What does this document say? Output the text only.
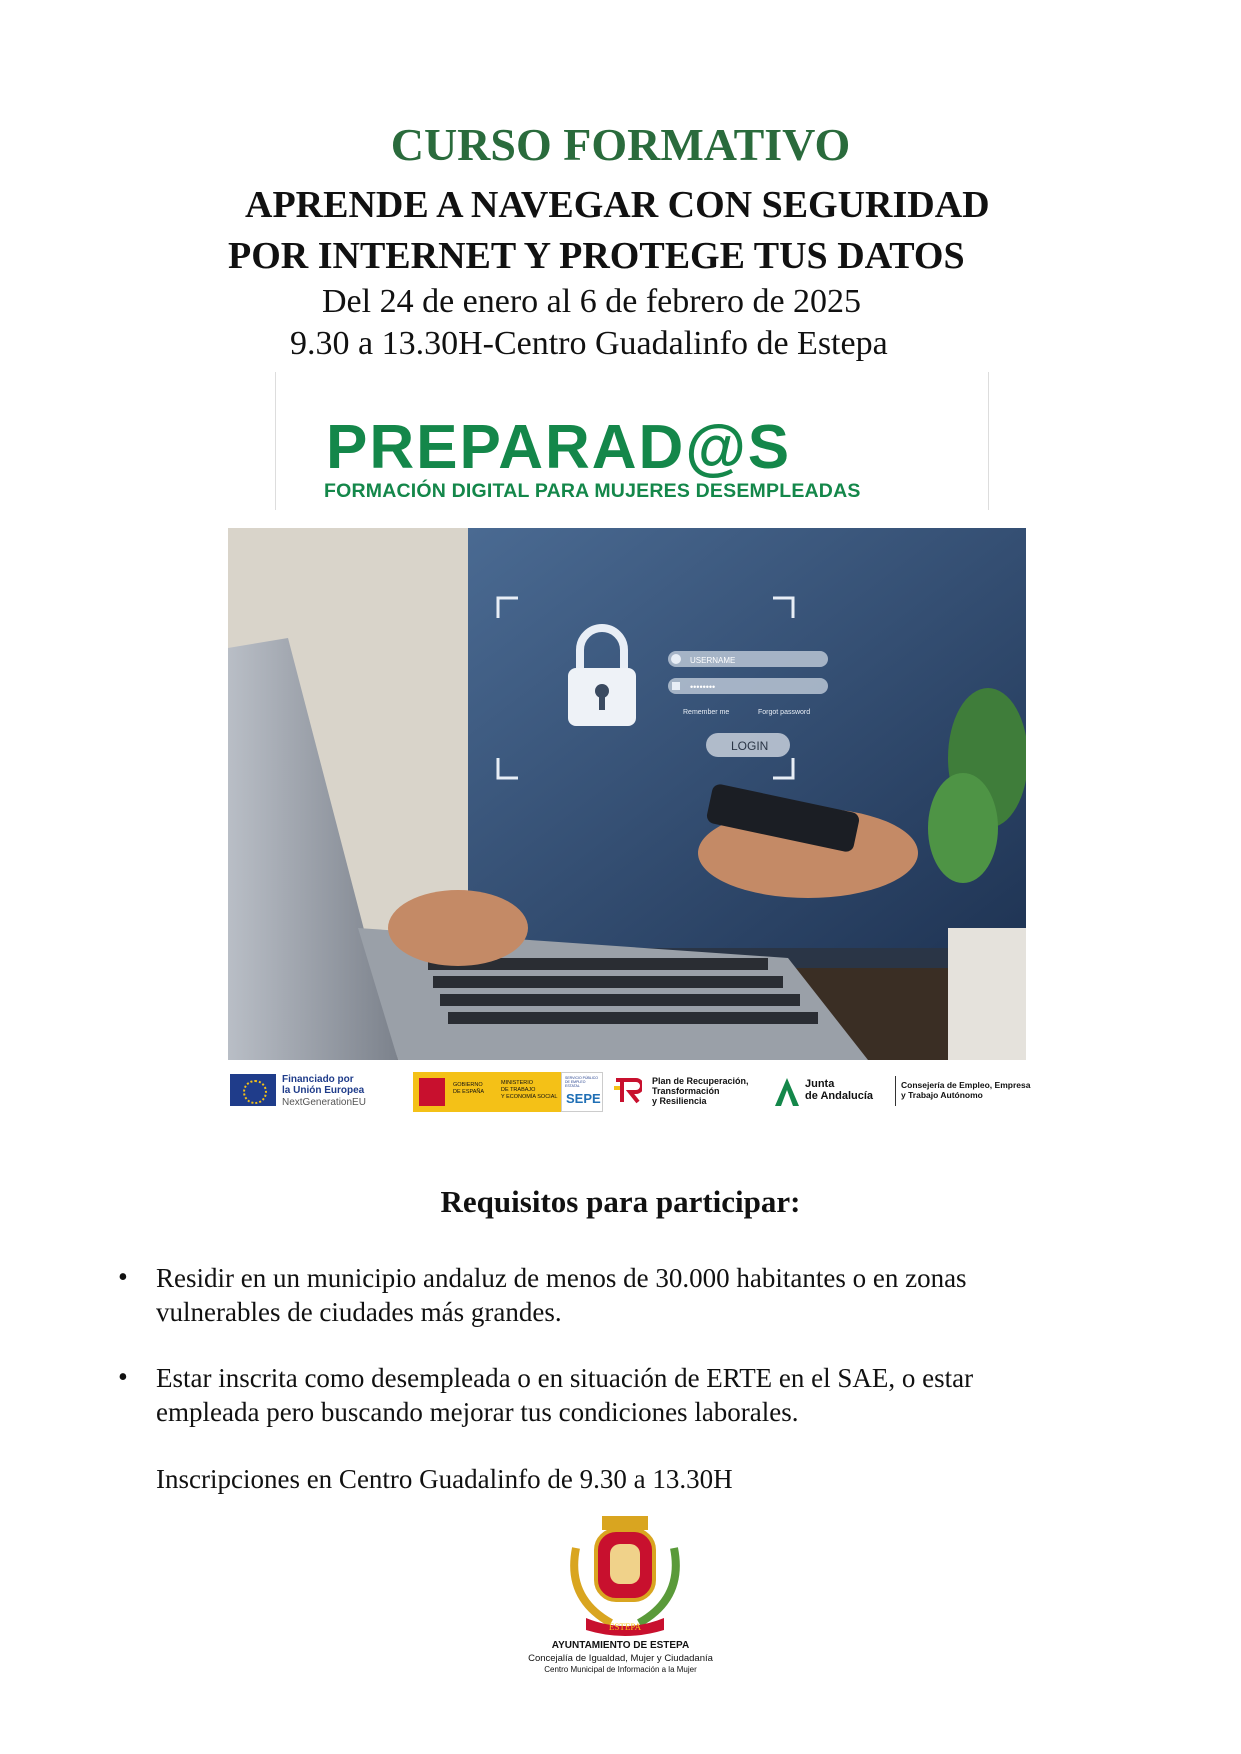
CURSO FORMATIVO
APRENDE A NAVEGAR CON SEGURIDAD
POR INTERNET Y PROTEGE TUS DATOS
Del 24 de enero al 6 de febrero de 2025
9.30 a 13.30H-Centro Guadalinfo de Estepa
PREPARAD@S
FORMACIÓN DIGITAL PARA MUJERES DESEMPLEADAS
USERNAME
••••••••
Remember me	Forgot password
LOGIN
Financiado por
la Unión Europea
NextGenerationEU
GOBIERNO
DE ESPAÑA
MINISTERIO
DE TRABAJO
Y ECONOMÍA SOCIAL
SERVICIO PÚBLICO DE EMPLEO ESTATAL
SEPE
Plan de Recuperación,
Transformación
y Resiliencia
Junta
de Andalucía
Consejería de Empleo, Empresa
y Trabajo Autónomo
Requisitos para participar:
• Residir en un municipio andaluz de menos de 30.000 habitantes o en zonas vulnerables de ciudades más grandes.
• Estar inscrita como desempleada o en situación de ERTE en el SAE, o estar empleada pero buscando mejorar tus condiciones laborales.
Inscripciones en Centro Guadalinfo de 9.30 a 13.30H
ESTEPA
AYUNTAMIENTO DE ESTEPA
Concejalía de Igualdad, Mujer y Ciudadanía
Centro Municipal de Información a la Mujer
